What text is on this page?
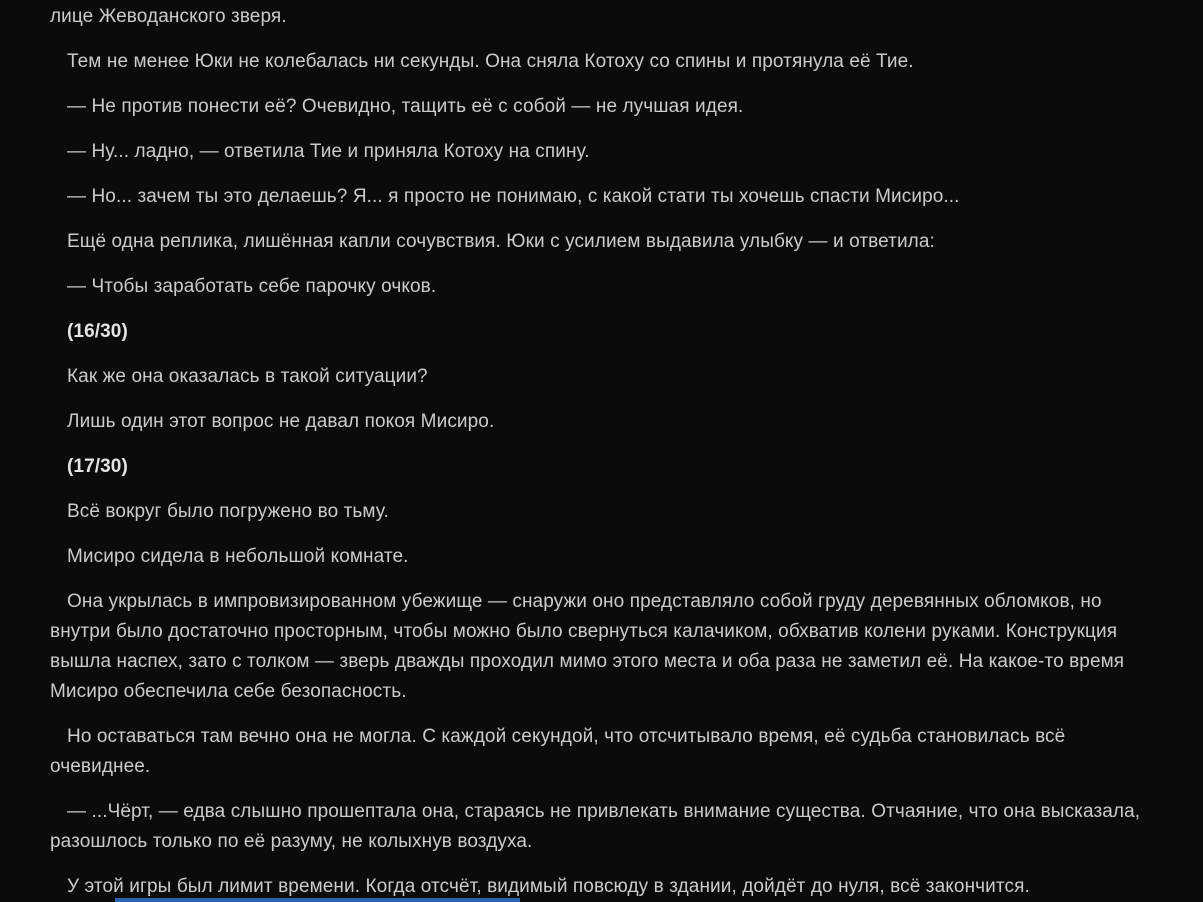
лице Жеводанского зверя.

Тем не менее Юки не колебалась ни секунды. Она сняла Котоху со спины и протянула её Тие.

— Не против понести её? Очевидно, тащить её с собой — не лучшая идея.

— Ну... ладно, — ответила Тие и приняла Котоху на спину.

— Но... зачем ты это делаешь? Я... я просто не понимаю, с какой стати ты хочешь спасти Мисиро...

Ещё одна реплика, лишённая капли сочувствия. Юки с усилием выдавила улыбку — и ответила:

— Чтобы заработать себе парочку очков.

(16/30)

Как же она оказалась в такой ситуации?

Лишь один этот вопрос не давал покоя Мисиро.

(17/30)

Всё вокруг было погружено во тьму.

Мисиро сидела в небольшой комнате.

Она укрылась в импровизированном убежище — снаружи оно представляло собой груду деревянных обломков, но внутри было достаточно просторным, чтобы можно было свернуться калачиком, обхватив колени руками. Конструкция вышла наспех, зато с толком — зверь дважды проходил мимо этого места и оба раза не заметил её. На какое-то время Мисиро обеспечила себе безопасность.

Но оставаться там вечно она не могла. С каждой секундой, что отсчитывало время, её судьба становилась всё очевиднее.

— ...Чёрт, — едва слышно прошептала она, стараясь не привлекать внимание существа. Отчаяние, что она высказала, разошлось только по её разуму, не колыхнув воздуха.

У этой игры был лимит времени. Когда отсчёт, видимый повсюду в здании, дойдёт до нуля, всё закончится.
